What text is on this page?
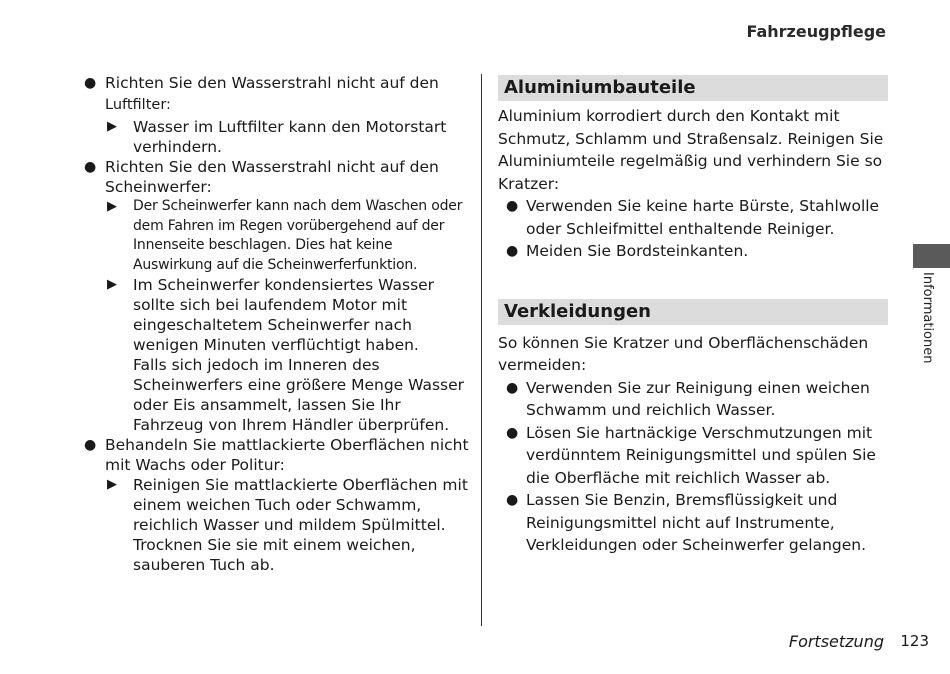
Fahrzeugpflege
● Richten Sie den Wasserstrahl nicht auf den
Luftfilter:
▶ Wasser im Luftfilter kann den Motorstart verhindern.
● Richten Sie den Wasserstrahl nicht auf den Scheinwerfer:
▶ Der Scheinwerfer kann nach dem Waschen oder dem Fahren im Regen vorübergehend auf der Innenseite beschlagen. Dies hat keine Auswirkung auf die Scheinwerferfunktion.
▶ Im Scheinwerfer kondensiertes Wasser sollte sich bei laufendem Motor mit eingeschaltetem Scheinwerfer nach wenigen Minuten verflüchtigt haben.
Falls sich jedoch im Inneren des Scheinwerfers eine größere Menge Wasser oder Eis ansammelt, lassen Sie Ihr Fahrzeug von Ihrem Händler überprüfen.
● Behandeln Sie mattlackierte Oberflächen nicht mit Wachs oder Politur:
▶ Reinigen Sie mattlackierte Oberflächen mit einem weichen Tuch oder Schwamm, reichlich Wasser und mildem Spülmittel. Trocknen Sie sie mit einem weichen, sauberen Tuch ab.
Aluminiumbauteile
Aluminium korrodiert durch den Kontakt mit Schmutz, Schlamm und Straßensalz. Reinigen Sie Aluminiumteile regelmäßig und verhindern Sie so Kratzer:
● Verwenden Sie keine harte Bürste, Stahlwolle oder Schleifmittel enthaltende Reiniger.
● Meiden Sie Bordsteinkanten.
Verkleidungen
So können Sie Kratzer und Oberflächenschäden vermeiden:
● Verwenden Sie zur Reinigung einen weichen Schwamm und reichlich Wasser.
● Lösen Sie hartnäckige Verschmutzungen mit verdünntem Reinigungsmittel und spülen Sie die Oberfläche mit reichlich Wasser ab.
● Lassen Sie Benzin, Bremsflüssigkeit und Reinigungsmittel nicht auf Instrumente, Verkleidungen oder Scheinwerfer gelangen.
Informationen
Fortsetzung 123
